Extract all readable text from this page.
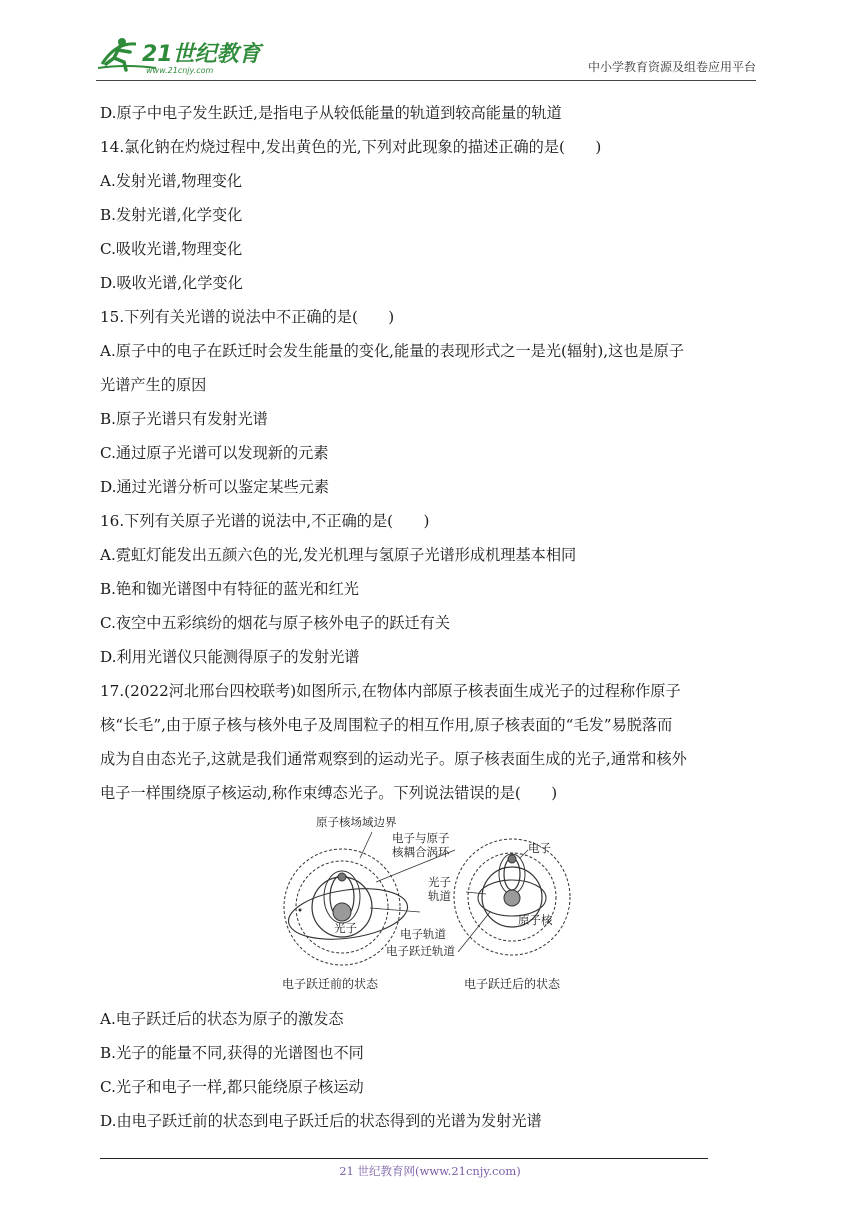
21世纪教育
www.21cnjy.com	中小学教育资源及组卷应用平台

D.原子中电子发生跃迁,是指电子从较低能量的轨道到较高能量的轨道

14.氯化钠在灼烧过程中,发出黄色的光,下列对此现象的描述正确的是(　　)

A.发射光谱,物理变化

B.发射光谱,化学变化

C.吸收光谱,物理变化

D.吸收光谱,化学变化

15.下列有关光谱的说法中不正确的是(　　)

A.原子中的电子在跃迁时会发生能量的变化,能量的表现形式之一是光(辐射),这也是原子

光谱产生的原因

B.原子光谱只有发射光谱

C.通过原子光谱可以发现新的元素

D.通过光谱分析可以鉴定某些元素

16.下列有关原子光谱的说法中,不正确的是(　　)

A.霓虹灯能发出五颜六色的光,发光机理与氢原子光谱形成机理基本相同

B.铯和铷光谱图中有特征的蓝光和红光

C.夜空中五彩缤纷的烟花与原子核外电子的跃迁有关

D.利用光谱仪只能测得原子的发射光谱

17.(2022河北邢台四校联考)如图所示,在物体内部原子核表面生成光子的过程称作原子

核“长毛”,由于原子核与核外电子及周围粒子的相互作用,原子核表面的“毛发”易脱落而

成为自由态光子,这就是我们通常观察到的运动光子。原子核表面生成的光子,通常和核外

电子一样围绕原子核运动,称作束缚态光子。下列说法错误的是(　　)

原子核场域边界
电子与原子
核耦合涡环
光子	电子轨道
电子跃迁轨道
电子
光子
轨道
原子核
电子跃迁前的状态	电子跃迁后的状态

A.电子跃迁后的状态为原子的激发态

B.光子的能量不同,获得的光谱图也不同

C.光子和电子一样,都只能绕原子核运动

D.由电子跃迁前的状态到电子跃迁后的状态得到的光谱为发射光谱

21 世纪教育网(www.21cnjy.com)
